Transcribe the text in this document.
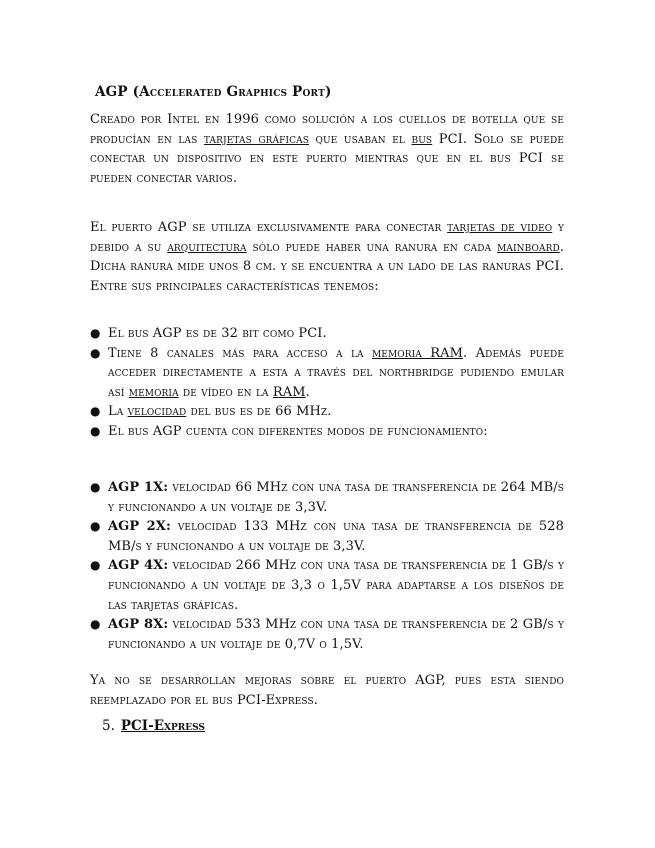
AGP (Accelerated Graphics Port)

Creado por Intel en 1996 como solución a los cuellos de botella que se producían en las tarjetas gráficas que usaban el bus PCI. Solo se puede conectar un dispositivo en este puerto mientras que en el bus PCI se pueden conectar varios.

El puerto AGP se utiliza exclusivamente para conectar tarjetas de video y debido a su arquitectura sólo puede haber una ranura en cada mainboard. Dicha ranura mide unos 8 cm. y se encuentra a un lado de las ranuras PCI. Entre sus principales características tenemos:

● El bus AGP es de 32 bit como PCI.
● Tiene 8 canales más para acceso a la memoria RAM. Además puede acceder directamente a esta a través del northbridge pudiendo emular así memoria de vídeo en la RAM.
● La velocidad del bus es de 66 MHz.
● El bus AGP cuenta con diferentes modos de funcionamiento:
● AGP 1X: velocidad 66 MHz con una tasa de transferencia de 264 MB/s y funcionando a un voltaje de 3,3V.
● AGP 2X: velocidad 133 MHz con una tasa de transferencia de 528 MB/s y funcionando a un voltaje de 3,3V.
● AGP 4X: velocidad 266 MHz con una tasa de transferencia de 1 GB/s y funcionando a un voltaje de 3,3 o 1,5V para adaptarse a los diseños de las tarjetas gráficas.
● AGP 8X: velocidad 533 MHz con una tasa de transferencia de 2 GB/s y funcionando a un voltaje de 0,7V o 1,5V.

Ya no se desarrollan mejoras sobre el puerto AGP, pues esta siendo reemplazado por el bus PCI-Express.

5. PCI-Express
